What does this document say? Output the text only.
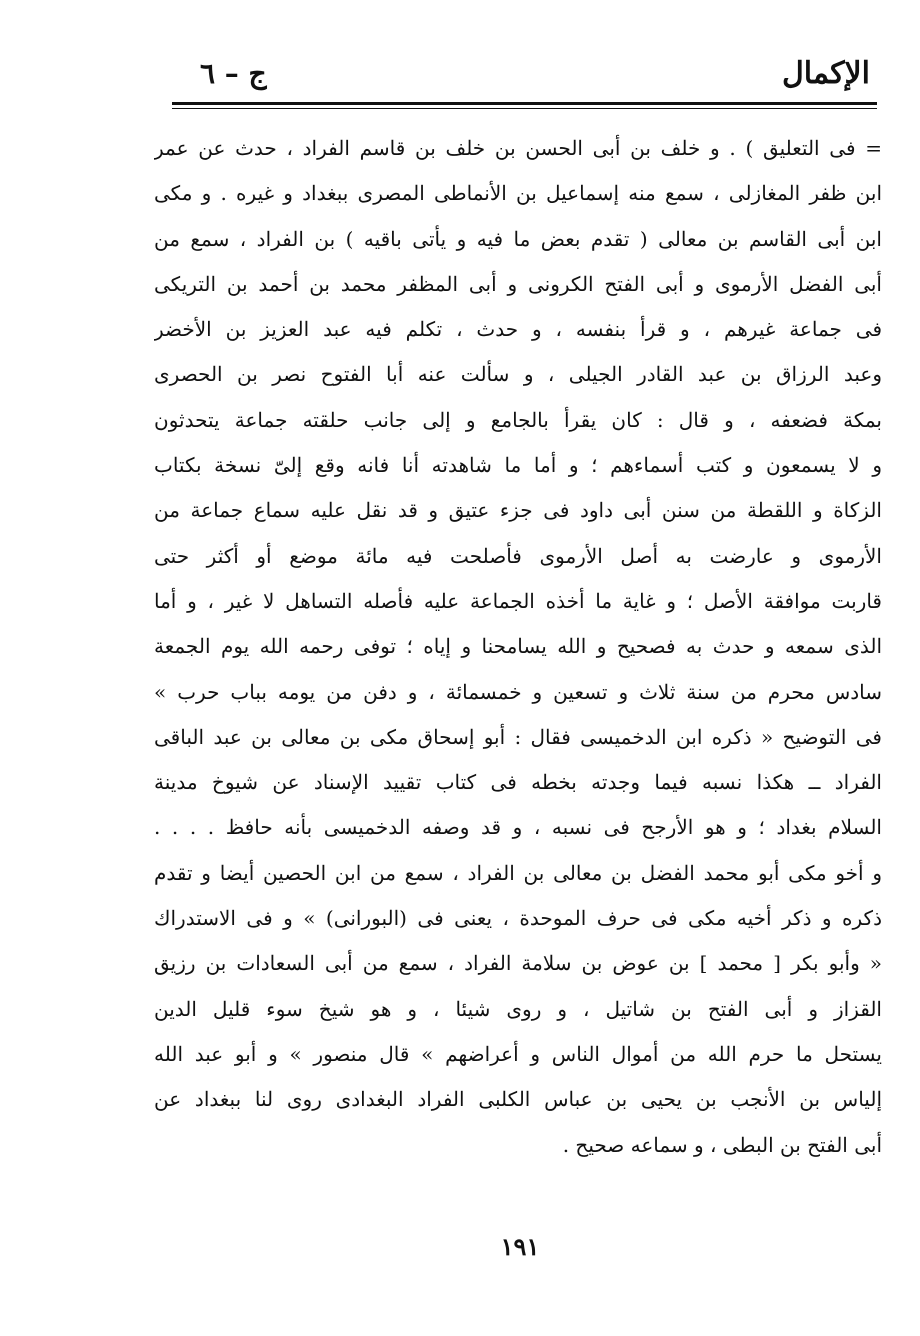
الإكمال
ج – ٦
= فى التعليق ) . و خلف بن أبى الحسن بن خلف بن قاسم الفراد ، حدث عن عمر
ابن ظفر المغازلى ، سمع منه إسماعيل بن الأنماطى المصرى ببغداد و غيره . و مكى
ابن أبى القاسم بن معالى ( تقدم بعض ما فيه و يأتى باقيه ) بن الفراد ، سمع من
أبى الفضل الأرموى و أبى الفتح الكرونى و أبى المظفر محمد بن أحمد بن التريكى
فى جماعة غيرهم ، و قرأ بنفسه ، و حدث ، تكلم فيه عبد العزيز بن الأخضر
وعبد الرزاق بن عبد القادر الجيلى ، و سألت عنه أبا الفتوح نصر بن الحصرى
بمكة فضعفه ، و قال : كان يقرأ بالجامع و إلى جانب حلقته جماعة يتحدثون
و لا يسمعون و كتب أسماءهم ؛ و أما ما شاهدته أنا فانه وقع إلىّ نسخة بكتاب
الزكاة و اللقطة من سنن أبى داود فى جزء عتيق و قد نقل عليه سماع جماعة من
الأرموى و عارضت به أصل الأرموى فأصلحت فيه مائة موضع أو أكثر حتى
قاربت موافقة الأصل ؛ و غاية ما أخذه الجماعة عليه فأصله التساهل لا غير ، و أما
الذى سمعه و حدث به فصحيح و الله يسامحنا و إياه ؛ توفى رحمه الله يوم الجمعة
سادس محرم من سنة ثلاث و تسعين و خمسمائة ، و دفن من يومه بباب حرب »
فى التوضيح « ذكره ابن الدخميسى فقال : أبو إسحاق مكى بن معالى بن عبد الباقى
الفراد ــ هكذا نسبه فيما وجدته بخطه فى كتاب تقييد الإسناد عن شيوخ مدينة
السلام بغداد ؛ و هو الأرجح فى نسبه ، و قد وصفه الدخميسى بأنه حافظ . . . .
و أخو مكى أبو محمد الفضل بن معالى بن الفراد ، سمع من ابن الحصين أيضا و تقدم
ذكره و ذكر أخيه مكى فى حرف الموحدة ، يعنى فى (البورانى) » و فى الاستدراك
« وأبو بكر [ محمد ] بن عوض بن سلامة الفراد ، سمع من أبى السعادات بن رزيق
القزاز و أبى الفتح بن شاتيل ، و روى شيئا ، و هو شيخ سوء قليل الدين
يستحل ما حرم الله من أموال الناس و أعراضهم » قال منصور » و أبو عبد الله
إلياس بن الأنجب بن يحيى بن عباس الكلبى الفراد البغدادى روى لنا ببغداد عن
أبى الفتح بن البطى ، و سماعه صحيح .
١٩١
